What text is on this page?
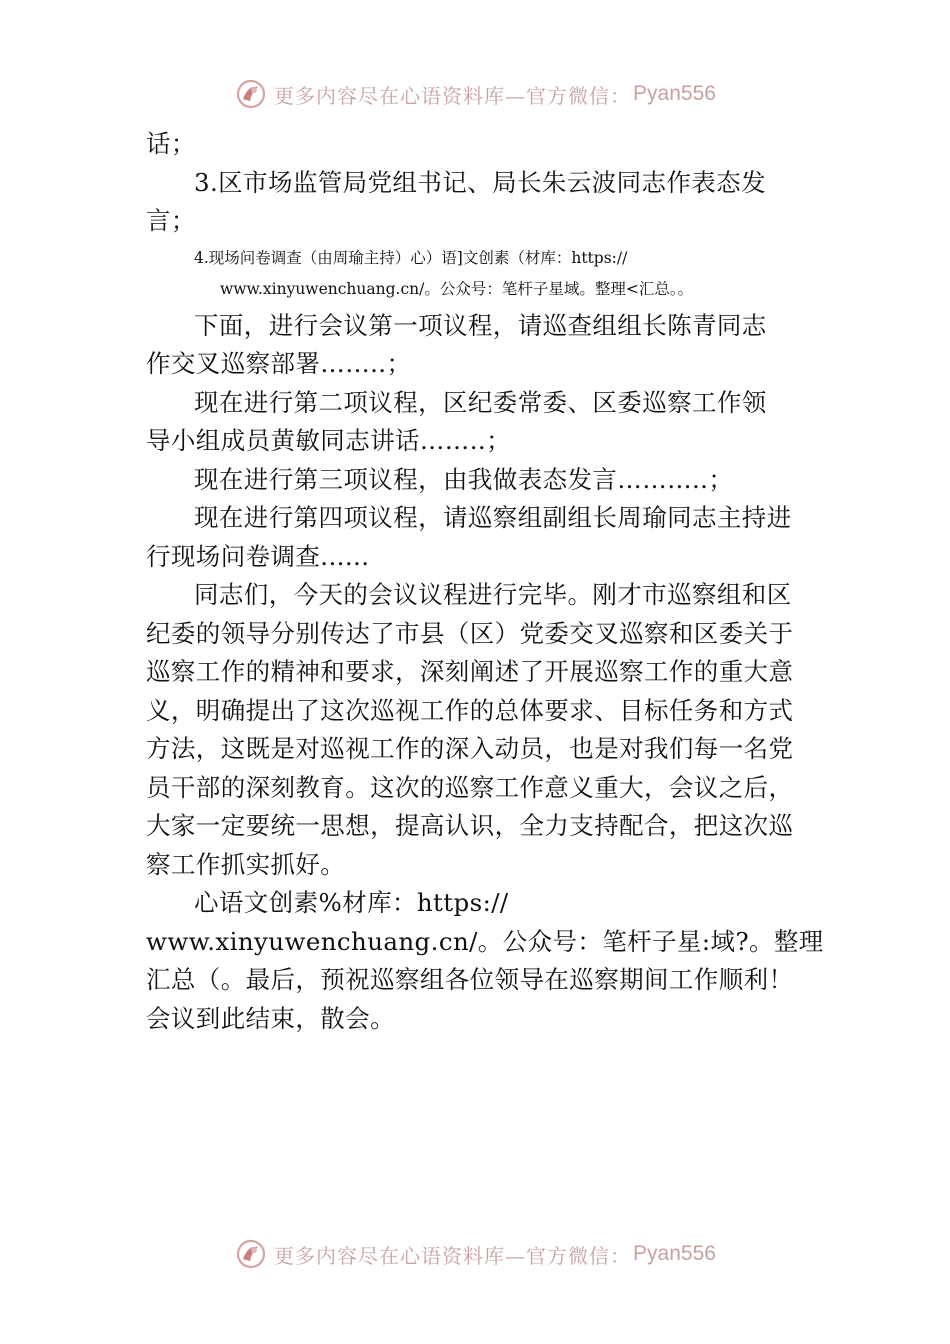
更多内容尽在心语资料库—官方微信： Pyan556
话；
3.区市场监管局党组书记、局长朱云波同志作表态发
言；
4.现场问卷调查（由周瑜主持）心）语]文创素（材库：https://
www.xinyuwenchuang.cn/。公众号：笔杆子星域。整理<汇总。。
下面，进行会议第一项议程，请巡查组组长陈青同志
作交叉巡察部署……..；
现在进行第二项议程，区纪委常委、区委巡察工作领
导小组成员黄敏同志讲话……..；
现在进行第三项议程，由我做表态发言………..；
现在进行第四项议程，请巡察组副组长周瑜同志主持进
行现场问卷调查......
同志们，今天的会议议程进行完毕。刚才市巡察组和区
纪委的领导分别传达了市县（区）党委交叉巡察和区委关于
巡察工作的精神和要求，深刻阐述了开展巡察工作的重大意
义，明确提出了这次巡视工作的总体要求、目标任务和方式
方法，这既是对巡视工作的深入动员，也是对我们每一名党
员干部的深刻教育。这次的巡察工作意义重大，会议之后，
大家一定要统一思想，提高认识，全力支持配合，把这次巡
察工作抓实抓好。
心语文创素%材库：https://
www.xinyuwenchuang.cn/。公众号：笔杆子星:域?。整理
汇总（。最后，预祝巡察组各位领导在巡察期间工作顺利！
会议到此结束，散会。
更多内容尽在心语资料库—官方微信： Pyan556
